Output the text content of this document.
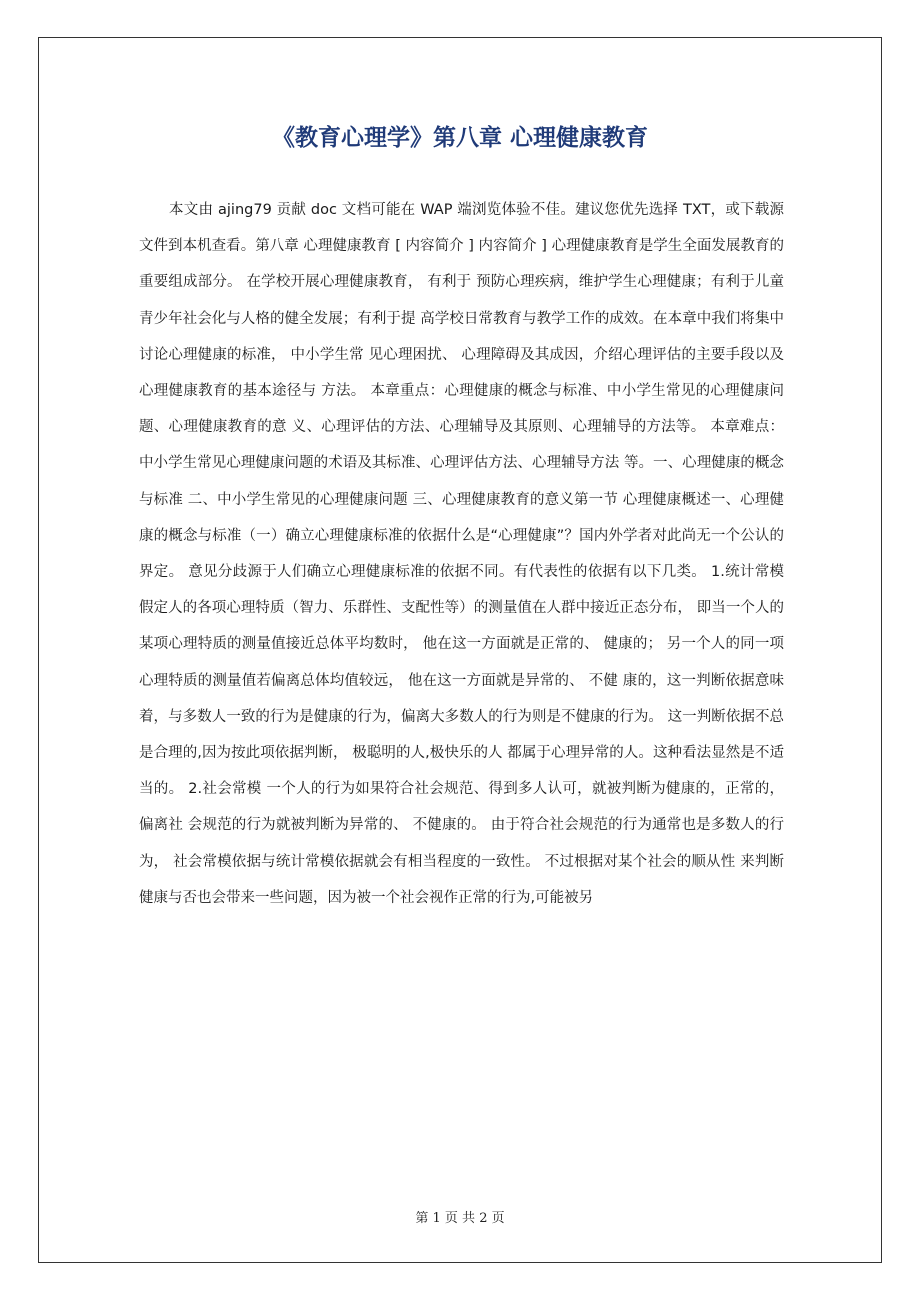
《教育心理学》第八章 心理健康教育

本文由 ajing79 贡献 doc 文档可能在 WAP 端浏览体验不佳。建议您优先选择 TXT，或下载源文件到本机查看。第八章 心理健康教育 [ 内容简介 ] 内容简介 ] 心理健康教育是学生全面发展教育的重要组成部分。 在学校开展心理健康教育， 有利于 预防心理疾病，维护学生心理健康；有利于儿童青少年社会化与人格的健全发展；有利于提 高学校日常教育与教学工作的成效。在本章中我们将集中讨论心理健康的标准， 中小学生常 见心理困扰、 心理障碍及其成因，介绍心理评估的主要手段以及心理健康教育的基本途径与 方法。 本章重点：心理健康的概念与标准、中小学生常见的心理健康问题、心理健康教育的意 义、心理评估的方法、心理辅导及其原则、心理辅导的方法等。 本章难点：中小学生常见心理健康问题的术语及其标准、心理评估方法、心理辅导方法 等。一、心理健康的概念与标准 二、中小学生常见的心理健康问题 三、心理健康教育的意义第一节 心理健康概述一、心理健康的概念与标准（一）确立心理健康标准的依据什么是“心理健康”？国内外学者对此尚无一个公认的界定。 意见分歧源于人们确立心理健康标准的依据不同。有代表性的依据有以下几类。 1.统计常模 假定人的各项心理特质（智力、乐群性、支配性等）的测量值在人群中接近正态分布， 即当一个人的某项心理特质的测量值接近总体平均数时， 他在这一方面就是正常的、 健康的； 另一个人的同一项心理特质的测量值若偏离总体均值较远， 他在这一方面就是异常的、 不健 康的，这一判断依据意味着，与多数人一致的行为是健康的行为，偏离大多数人的行为则是不健康的行为。 这一判断依据不总是合理的,因为按此项依据判断， 极聪明的人,极快乐的人 都属于心理异常的人。这种看法显然是不适当的。 2.社会常模 一个人的行为如果符合社会规范、得到多人认可，就被判断为健康的，正常的，偏离社 会规范的行为就被判断为异常的、 不健康的。 由于符合社会规范的行为通常也是多数人的行 为， 社会常模依据与统计常模依据就会有相当程度的一致性。 不过根据对某个社会的顺从性 来判断健康与否也会带来一些问题，因为被一个社会视作正常的行为,可能被另

第 1 页 共 2 页
